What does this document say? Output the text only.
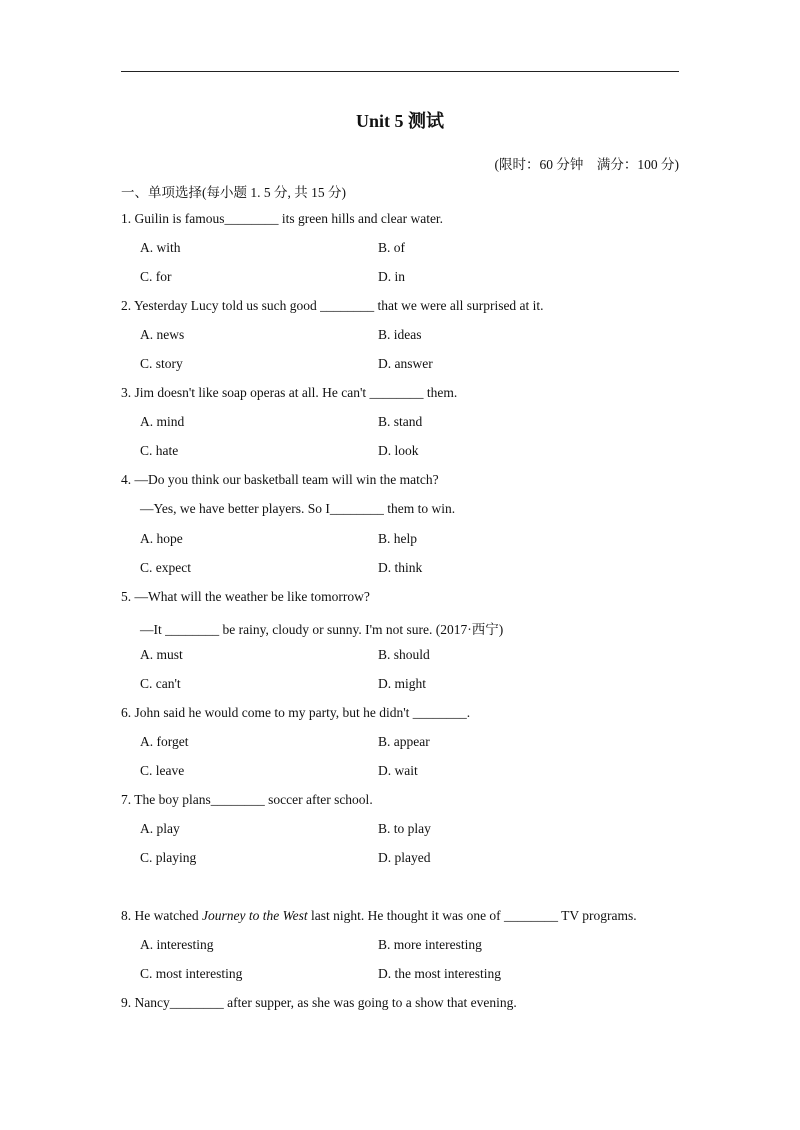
Unit 5 测试
(限时：60 分钟　满分：100 分)
一、单项选择(每小题 1. 5 分, 共 15 分)
1. Guilin is famous________ its green hills and clear water.
A. with	B. of
C. for	D. in
2. Yesterday Lucy told us such good ________ that we were all surprised at it.
A. news	B. ideas
C. story	D. answer
3. Jim doesn't like soap operas at all. He can't ________ them.
A. mind	B. stand
C. hate	D. look
4. —Do you think our basketball team will win the match?
—Yes, we have better players. So I________ them to win.
A. hope	B. help
C. expect	D. think
5. —What will the weather be like tomorrow?
—It ________ be rainy, cloudy or sunny. I'm not sure. (2017·西宁)
A. must	B. should
C. can't	D. might
6. John said he would come to my party, but he didn't ________.
A. forget	B. appear
C. leave	D. wait
7. The boy plans________ soccer after school.
A. play	B. to play
C. playing	D. played
8. He watched Journey to the West last night. He thought it was one of ________ TV programs.
A. interesting	B. more interesting
C. most interesting	D. the most interesting
9. Nancy________ after supper, as she was going to a show that evening.
